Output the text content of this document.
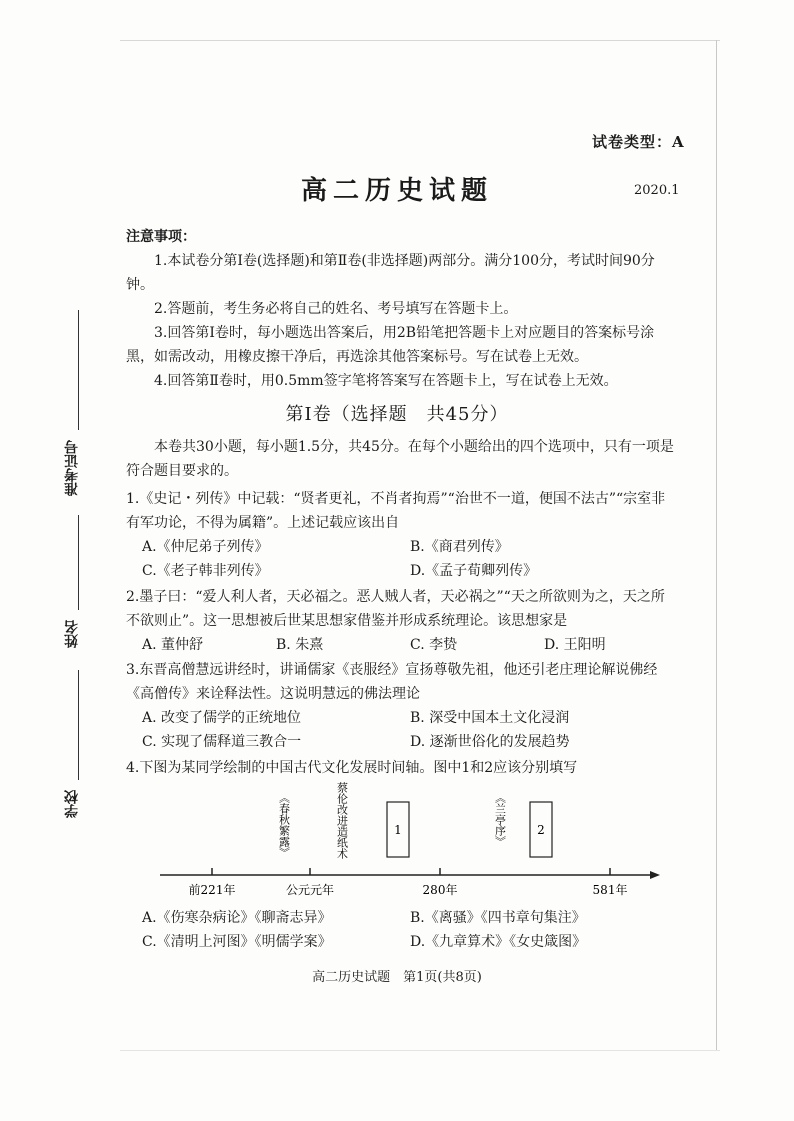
准考证号
姓名
学校
试卷类型：A
高二历史试题	2020.1

注意事项：

1.本试卷分第Ⅰ卷(选择题)和第Ⅱ卷(非选择题)两部分。满分100分，考试时间90分钟。

2.答题前，考生务必将自己的姓名、考号填写在答题卡上。

3.回答第Ⅰ卷时，每小题选出答案后，用2B铅笔把答题卡上对应题目的答案标号涂黑，如需改动，用橡皮擦干净后，再选涂其他答案标号。写在试卷上无效。

4.回答第Ⅱ卷时，用0.5mm签字笔将答案写在答题卡上，写在试卷上无效。

第Ⅰ卷（选择题　共45分）

本卷共30小题，每小题1.5分，共45分。在每个小题给出的四个选项中，只有一项是符合题目要求的。

1.《史记・列传》中记载：“贤者更礼，不肖者拘焉”“治世不一道，便国不法古”“宗室非有军功论，不得为属籍”。上述记载应该出自

A.《仲尼弟子列传》	B.《商君列传》
C.《老子韩非列传》	D.《孟子荀卿列传》

2.墨子曰：“爱人利人者，天必福之。恶人贼人者，天必祸之”“天之所欲则为之，天之所不欲则止”。这一思想被后世某思想家借鉴并形成系统理论。该思想家是

A. 董仲舒	B. 朱熹	C. 李贽	D. 王阳明

3.东晋高僧慧远讲经时，讲诵儒家《丧服经》宣扬尊敬先祖，他还引老庄理论解说佛经《高僧传》来诠释法性。这说明慧远的佛法理论

A. 改变了儒学的正统地位	B. 深受中国本土文化浸润
C. 实现了儒释道三教合一	D. 逐渐世俗化的发展趋势

4.下图为某同学绘制的中国古代文化发展时间轴。图中1和2应该分别填写

前221年	公元元年	280年	581年
《春秋繁露》	蔡伦改进造纸术	《兰亭序》
1	2
A.《伤寒杂病论》《聊斋志异》	B.《离骚》《四书章句集注》
C.《清明上河图》《明儒学案》	D.《九章算术》《女史箴图》
高二历史试题　第1页(共8页)
